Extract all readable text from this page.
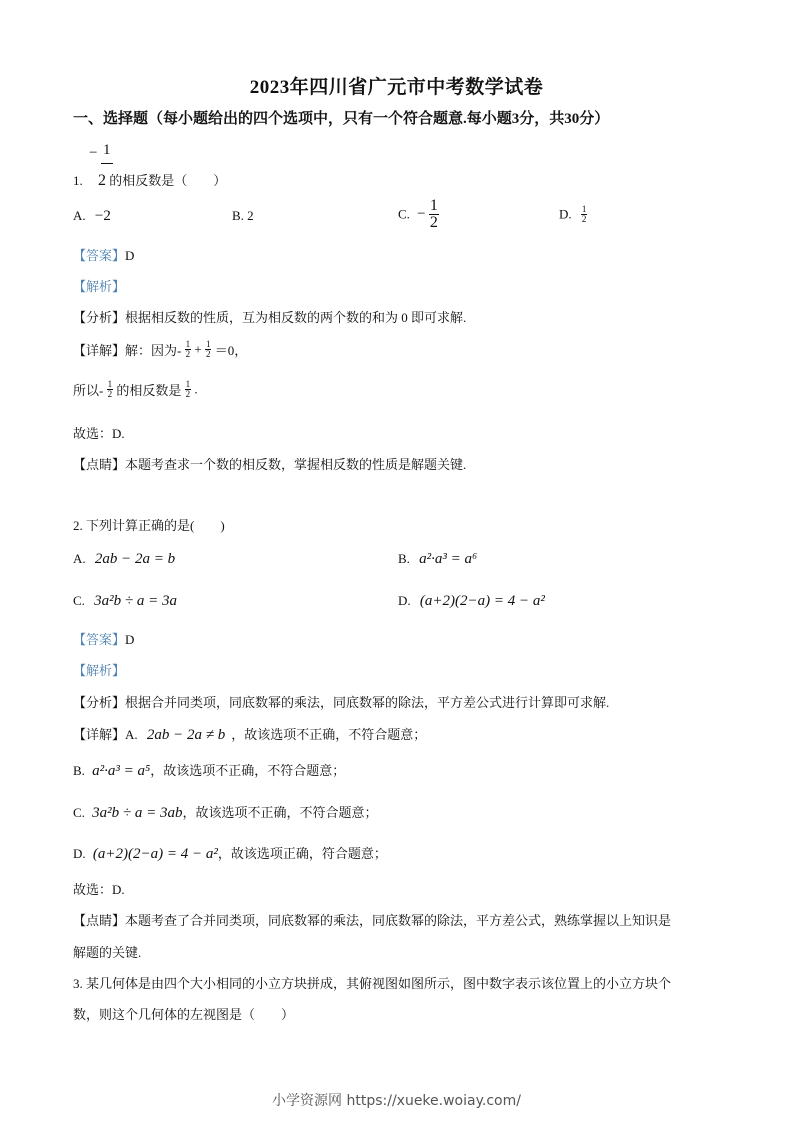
2023年四川省广元市中考数学试卷
一、选择题（每小题给出的四个选项中，只有一个符合题意.每小题3分，共30分）
− 1
1. 2 的相反数是（　　）
A. −2	B. 2	C. − $\frac{1}{2}$	D. $\frac{1}{2}$
【答案】D
【解析】
【分析】根据相反数的性质，互为相反数的两个数的和为 0 即可求解.
【详解】解：因为- $\frac{1}{2} + \frac{1}{2} =0$，
所以- $\frac{1}{2}$ 的相反数是 $\frac{1}{2}$ .
故选：D.
【点睛】本题考查求一个数的相反数，掌握相反数的性质是解题关键.
2. 下列计算正确的是(　　)
A. 2ab − 2a = b	B. a²·a³ = a⁶
C. 3a²b ÷ a = 3a	D. (a+2)(2−a) = 4 − a²
【答案】D
【解析】
【分析】根据合并同类项，同底数幂的乘法，同底数幂的除法，平方差公式进行计算即可求解.
【详解】A. 2ab − 2a ≠ b ，故该选项不正确，不符合题意；
B. a²·a³ = a⁵，故该选项不正确，不符合题意；
C. 3a²b ÷ a = 3ab，故该选项不正确，不符合题意；
D. (a+2)(2−a) = 4 − a²，故该选项正确，符合题意；
故选：D.
【点睛】本题考查了合并同类项，同底数幂的乘法，同底数幂的除法，平方差公式，熟练掌握以上知识是
解题的关键.
3. 某几何体是由四个大小相同的小立方块拼成，其俯视图如图所示，图中数字表示该位置上的小立方块个
数，则这个几何体的左视图是（　　）
小学资源网 https://xueke.woiay.com/
